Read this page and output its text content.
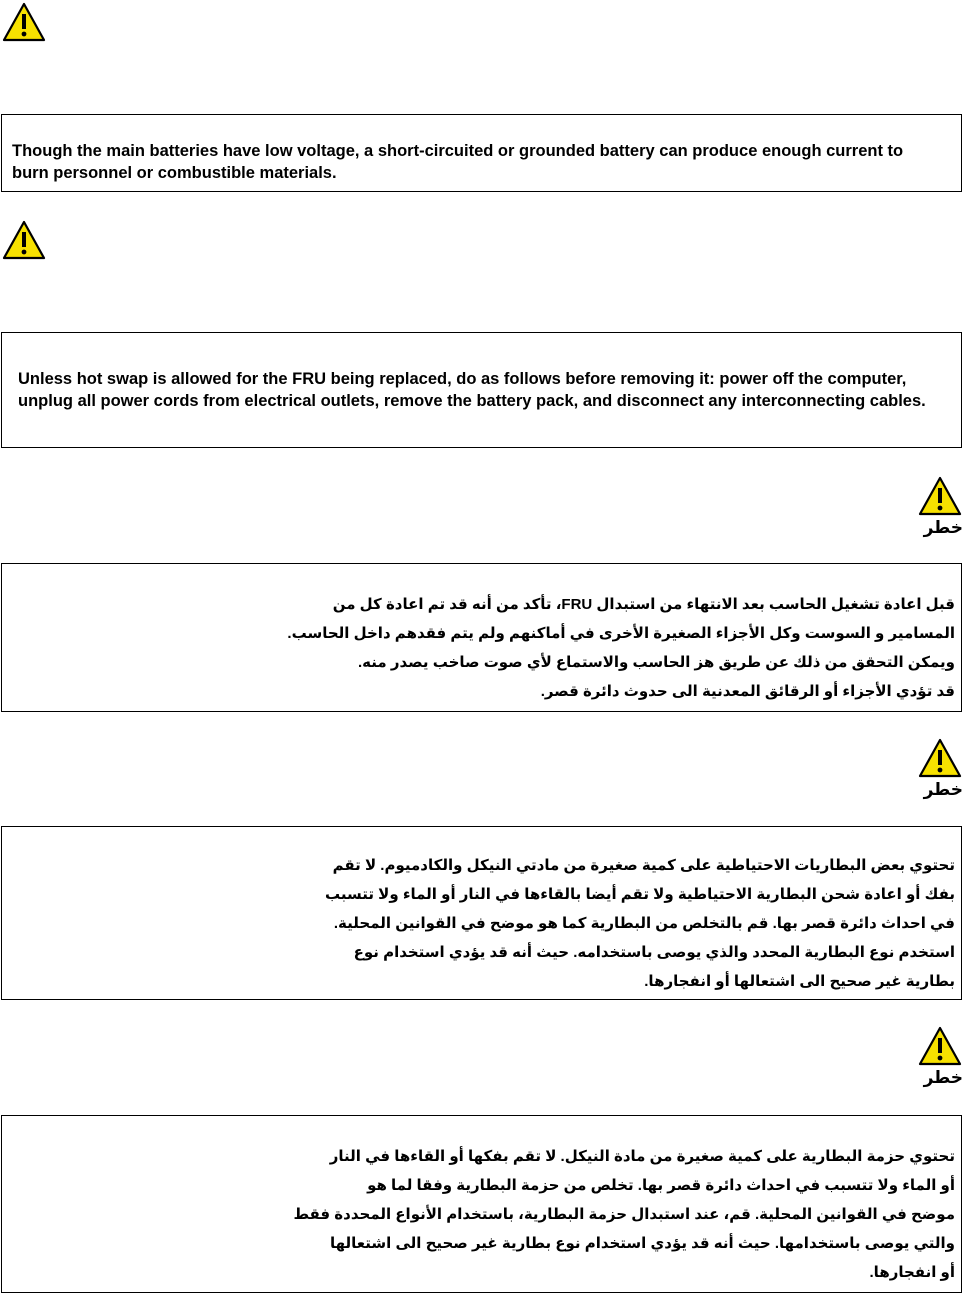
Though the main batteries have low voltage, a short-circuited or grounded battery can produce enough current to burn personnel or combustible materials.
Unless hot swap is allowed for the FRU being replaced, do as follows before removing it: power off the computer, unplug all power cords from electrical outlets, remove the battery pack, and disconnect any interconnecting cables.
خطر
قبل اعادة تشغيل الحاسب بعد الانتهاء من استبدال FRU، تأكد من أنه قد تم اعادة كل من
المسامير و السوست وكل الأجزاء الصغيرة الأخرى في أماكنهم ولم يتم فقدهم داخل الحاسب.
ويمكن التحقق من ذلك عن طريق هز الحاسب والاستماع لأي صوت صاخب يصدر منه.
قد تؤدي الأجزاء أو الرقائق المعدنية الى حدوث دائرة قصر.
خطر
تحتوي بعض البطاريات الاحتياطية على كمية صغيرة من مادتي النيكل والكادميوم. لا تقم
بفك أو اعادة شحن البطارية الاحتياطية ولا تقم أيضا بالقاءها في النار أو الماء ولا تتسبب
في احداث دائرة قصر بها. قم بالتخلص من البطارية كما هو موضح في القوانين المحلية.
استخدم نوع البطارية المحدد والذي يوصى باستخدامه. حيث أنه قد يؤدي استخدام نوع
بطارية غير صحيح الى اشتعالها أو انفجارها.
خطر
تحتوي حزمة البطارية على كمية صغيرة من مادة النيكل. لا تقم بفكها أو القاءها في النار
أو الماء ولا تتسبب في احداث دائرة قصر بها. تخلص من حزمة البطارية وفقا لما هو
موضح في القوانين المحلية. قم، عند استبدال حزمة البطارية، باستخدام الأنواع المحددة فقط
والتي يوصى باستخدامها. حيث أنه قد يؤدي استخدام نوع بطارية غير صحيح الى اشتعالها
أو انفجارها.
